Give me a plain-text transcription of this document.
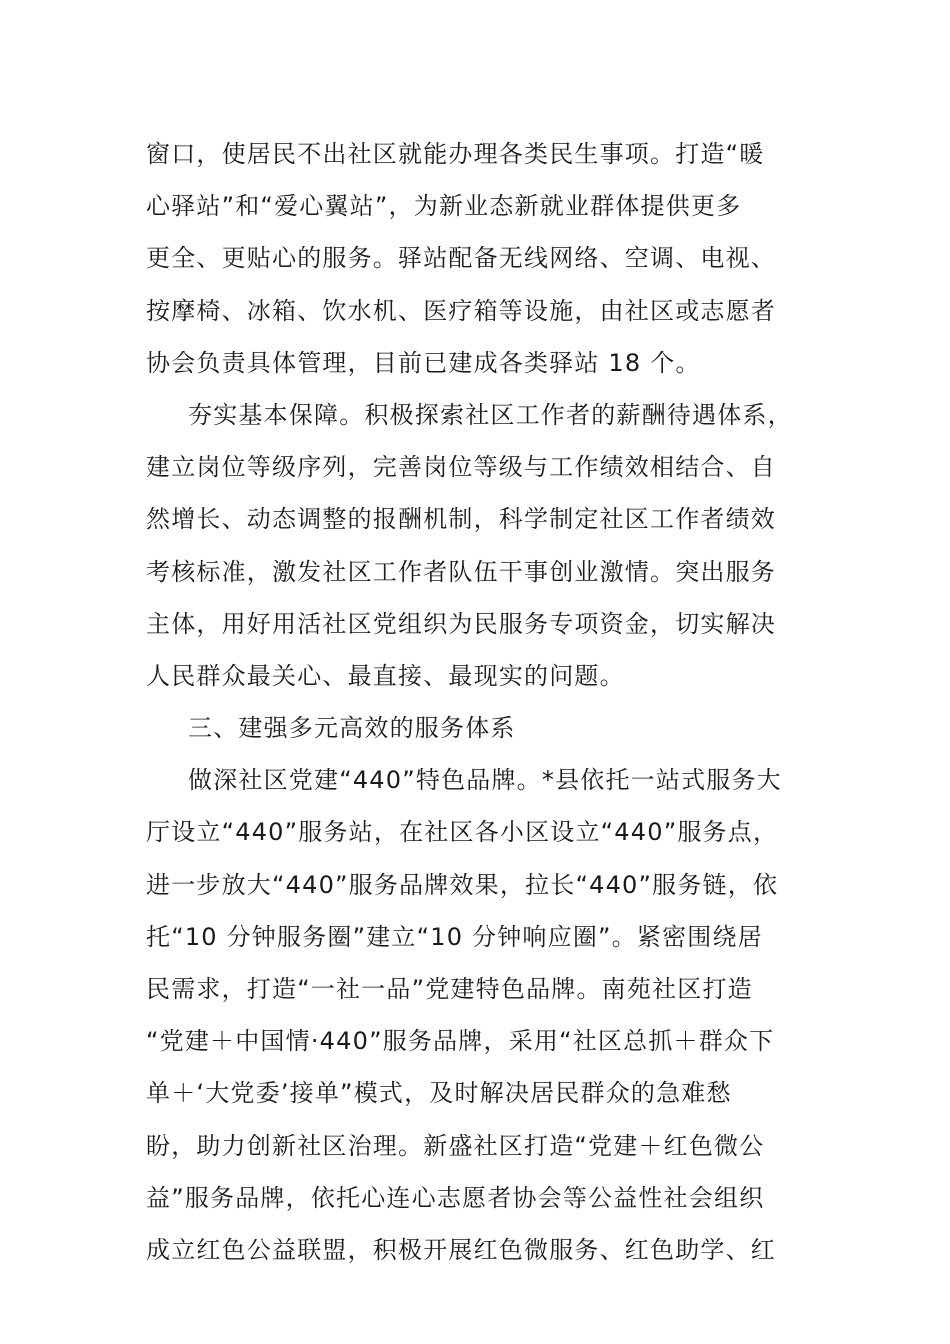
窗口，使居民不出社区就能办理各类民生事项。打造“暖
心驿站”和“爱心翼站”，为新业态新就业群体提供更多
更全、更贴心的服务。驿站配备无线网络、空调、电视、
按摩椅、冰箱、饮水机、医疗箱等设施，由社区或志愿者
协会负责具体管理，目前已建成各类驿站 18 个。
夯实基本保障。积极探索社区工作者的薪酬待遇体系，
建立岗位等级序列，完善岗位等级与工作绩效相结合、自
然增长、动态调整的报酬机制，科学制定社区工作者绩效
考核标准，激发社区工作者队伍干事创业激情。突出服务
主体，用好用活社区党组织为民服务专项资金，切实解决
人民群众最关心、最直接、最现实的问题。
三、建强多元高效的服务体系
做深社区党建“440”特色品牌。*县依托一站式服务大
厅设立“440”服务站，在社区各小区设立“440”服务点，
进一步放大“440”服务品牌效果，拉长“440”服务链，依
托“10 分钟服务圈”建立“10 分钟响应圈”。紧密围绕居
民需求，打造“一社一品”党建特色品牌。南苑社区打造
“党建＋中国情·440”服务品牌，采用“社区总抓＋群众下
单＋‘大党委’接单”模式，及时解决居民群众的急难愁
盼，助力创新社区治理。新盛社区打造“党建＋红色微公
益”服务品牌，依托心连心志愿者协会等公益性社会组织
成立红色公益联盟，积极开展红色微服务、红色助学、红
